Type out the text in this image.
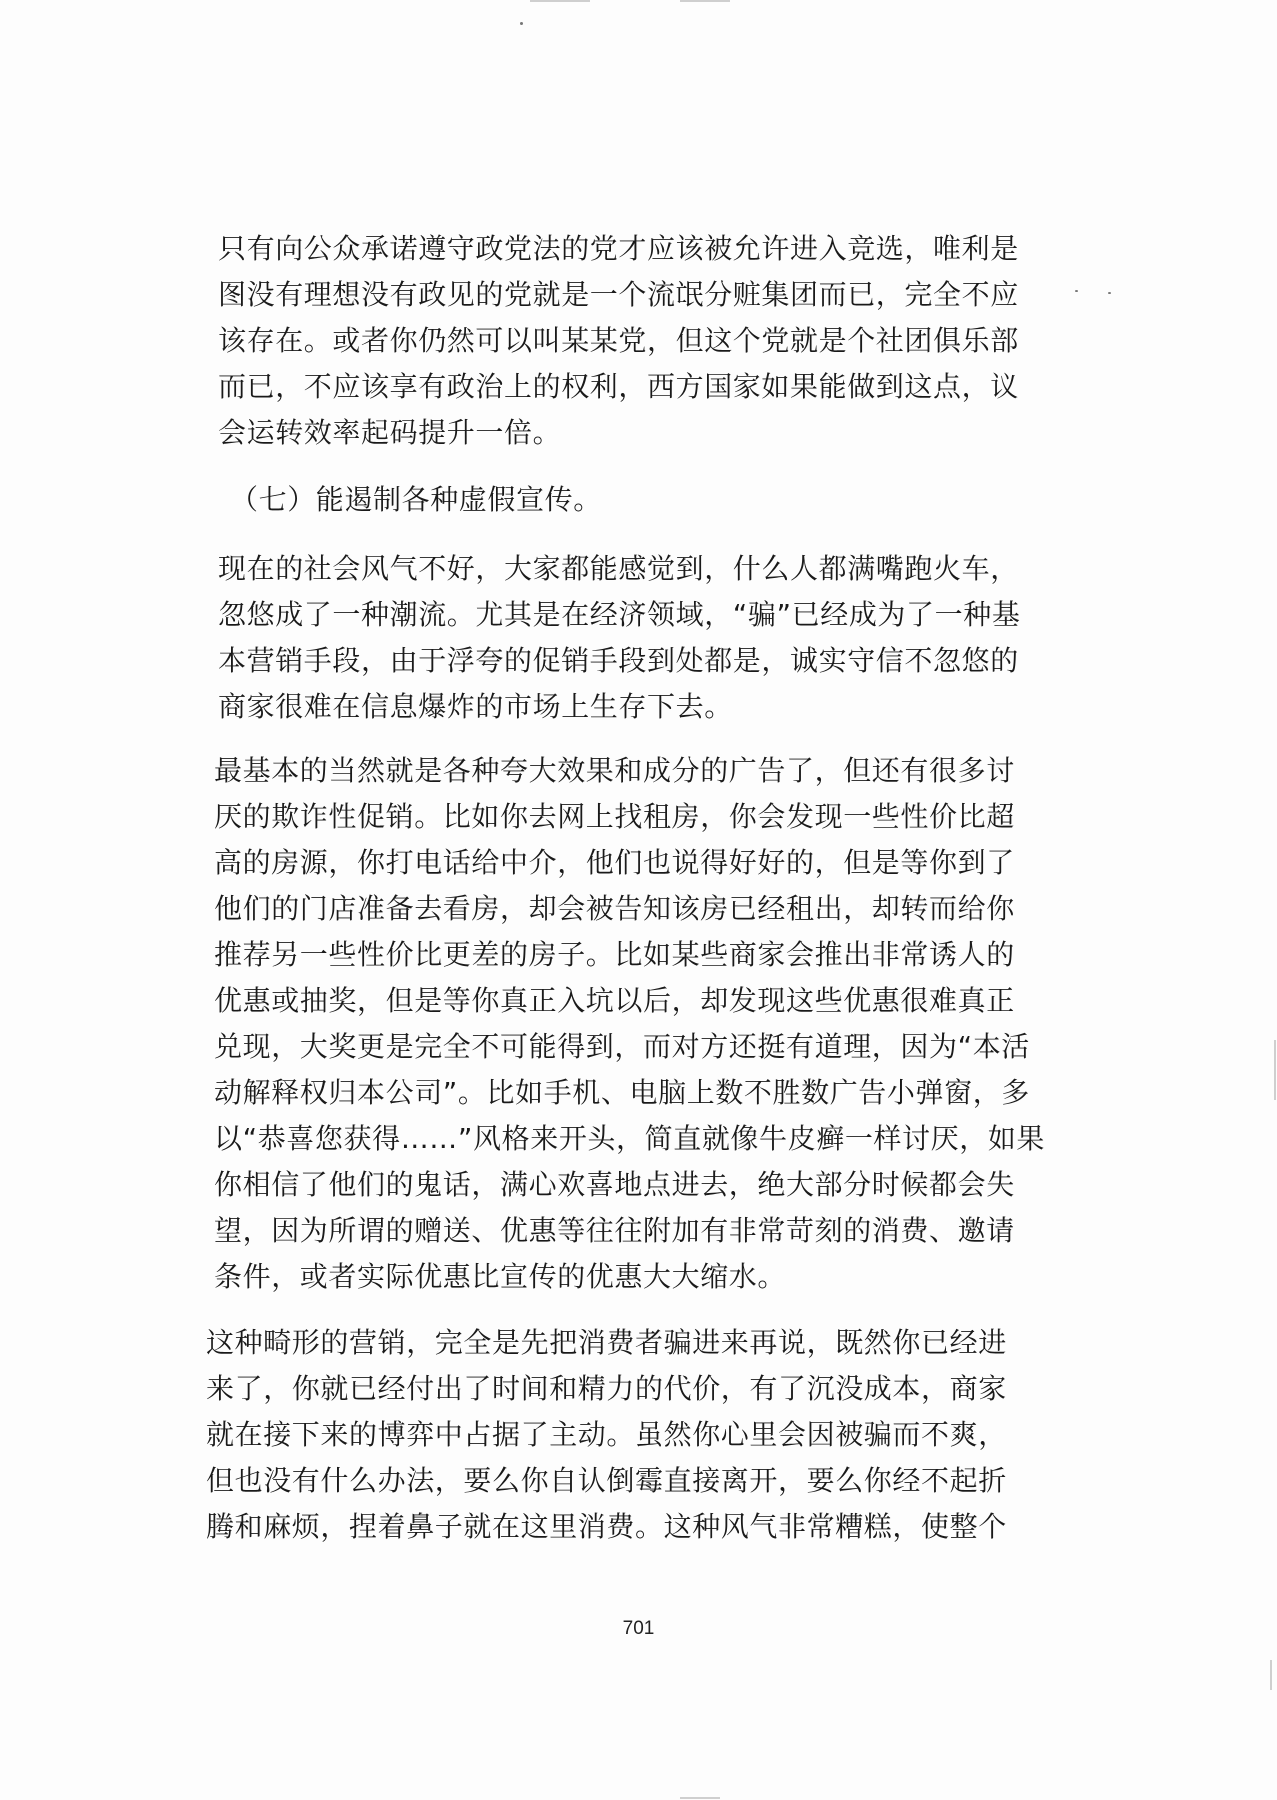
只有向公众承诺遵守政党法的党才应该被允许进入竞选，唯利是
图没有理想没有政见的党就是一个流氓分赃集团而已，完全不应
该存在。或者你仍然可以叫某某党，但这个党就是个社团俱乐部
而已，不应该享有政治上的权利，西方国家如果能做到这点，议
会运转效率起码提升一倍。
（七）能遏制各种虚假宣传。
现在的社会风气不好，大家都能感觉到，什么人都满嘴跑火车，
忽悠成了一种潮流。尤其是在经济领域，“骗”已经成为了一种基
本营销手段，由于浮夸的促销手段到处都是，诚实守信不忽悠的
商家很难在信息爆炸的市场上生存下去。
最基本的当然就是各种夸大效果和成分的广告了，但还有很多讨
厌的欺诈性促销。比如你去网上找租房，你会发现一些性价比超
高的房源，你打电话给中介，他们也说得好好的，但是等你到了
他们的门店准备去看房，却会被告知该房已经租出，却转而给你
推荐另一些性价比更差的房子。比如某些商家会推出非常诱人的
优惠或抽奖，但是等你真正入坑以后，却发现这些优惠很难真正
兑现，大奖更是完全不可能得到，而对方还挺有道理，因为“本活
动解释权归本公司”。比如手机、电脑上数不胜数广告小弹窗，多
以“恭喜您获得……”风格来开头，简直就像牛皮癣一样讨厌，如果
你相信了他们的鬼话，满心欢喜地点进去，绝大部分时候都会失
望，因为所谓的赠送、优惠等往往附加有非常苛刻的消费、邀请
条件，或者实际优惠比宣传的优惠大大缩水。
这种畸形的营销，完全是先把消费者骗进来再说，既然你已经进
来了，你就已经付出了时间和精力的代价，有了沉没成本，商家
就在接下来的博弈中占据了主动。虽然你心里会因被骗而不爽，
但也没有什么办法，要么你自认倒霉直接离开，要么你经不起折
腾和麻烦，捏着鼻子就在这里消费。这种风气非常糟糕，使整个
701
